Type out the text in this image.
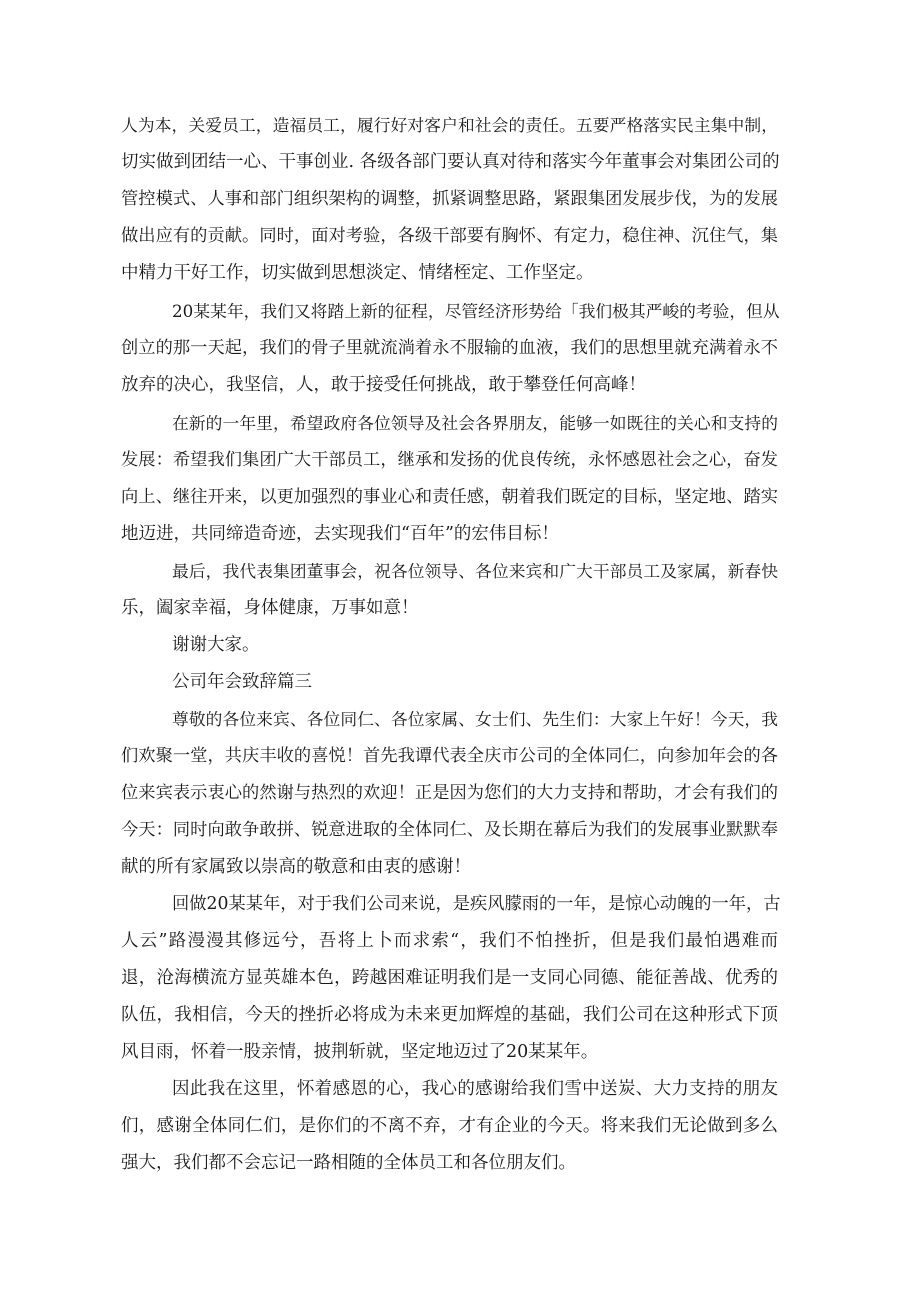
人为本，关爱员工，造福员工，履行好对客户和社会的责任。五要严格落实民主集中制，
切实做到团结一心、干事创业. 各级各部门要认真对待和落实今年董事会对集团公司的
管控模式、人事和部门组织架构的调整，抓紧调整思路，紧跟集团发展步伐，为的发展
做出应有的贡献。同时，面对考验，各级干部要有胸怀、有定力，稳住神、沉住气，集
中精力干好工作，切实做到思想淡定、情绪桎定、工作坚定。
20某某年，我们又将踏上新的征程，尽管经济形势给「我们极其严峻的考验，但从
创立的那一天起，我们的骨子里就流淌着永不服输的血液，我们的思想里就充满着永不
放弃的决心，我坚信，人，敢于接受任何挑战，敢于攀登任何高峰！
在新的一年里，希望政府各位领导及社会各界朋友，能够一如既往的关心和支持的
发展：希望我们集团广大干部员工，继承和发扬的优良传统，永怀感恩社会之心，奋发
向上、继往开来，以更加强烈的事业心和责任感，朝着我们既定的目标，坚定地、踏实
地迈进，共同缔造奇迹，去实现我们“百年”的宏伟目标！
最后，我代表集团董事会，祝各位领导、各位来宾和广大干部员工及家属，新春快
乐，阖家幸福，身体健康，万事如意！
谢谢大家。
公司年会致辞篇三
尊敬的各位来宾、各位同仁、各位家属、女士们、先生们：大家上午好！今天，我
们欢聚一堂，共庆丰收的喜悦！首先我谭代表全庆市公司的全体同仁，向参加年会的各
位来宾表示衷心的然谢与热烈的欢迎！正是因为您们的大力支持和帮助，才会有我们的
今天：同时向敢争敢拼、锐意进取的全体同仁、及长期在幕后为我们的发展事业默默奉
献的所有家属致以崇高的敬意和由衷的感谢！
回做20某某年，对于我们公司来说，是疾风朦雨的一年，是惊心动魄的一年，古
人云”路漫漫其修远兮，吾将上卜而求索“，我们不怕挫折，但是我们最怕遇难而
退，沧海横流方显英雄本色，跨越困难证明我们是一支同心同德、能征善战、优秀的
队伍，我相信，今天的挫折必将成为未来更加辉煌的基础，我们公司在这种形式下顶
风目雨，怀着一股亲情，披荆斩就，坚定地迈过了20某某年。
因此我在这里，怀着感恩的心，我心的感谢给我们雪中送炭、大力支持的朋友
们，感谢全体同仁们，是你们的不离不弃，才有企业的今天。将来我们无论做到多么
强大，我们都不会忘记一路相随的全体员工和各位朋友们。
